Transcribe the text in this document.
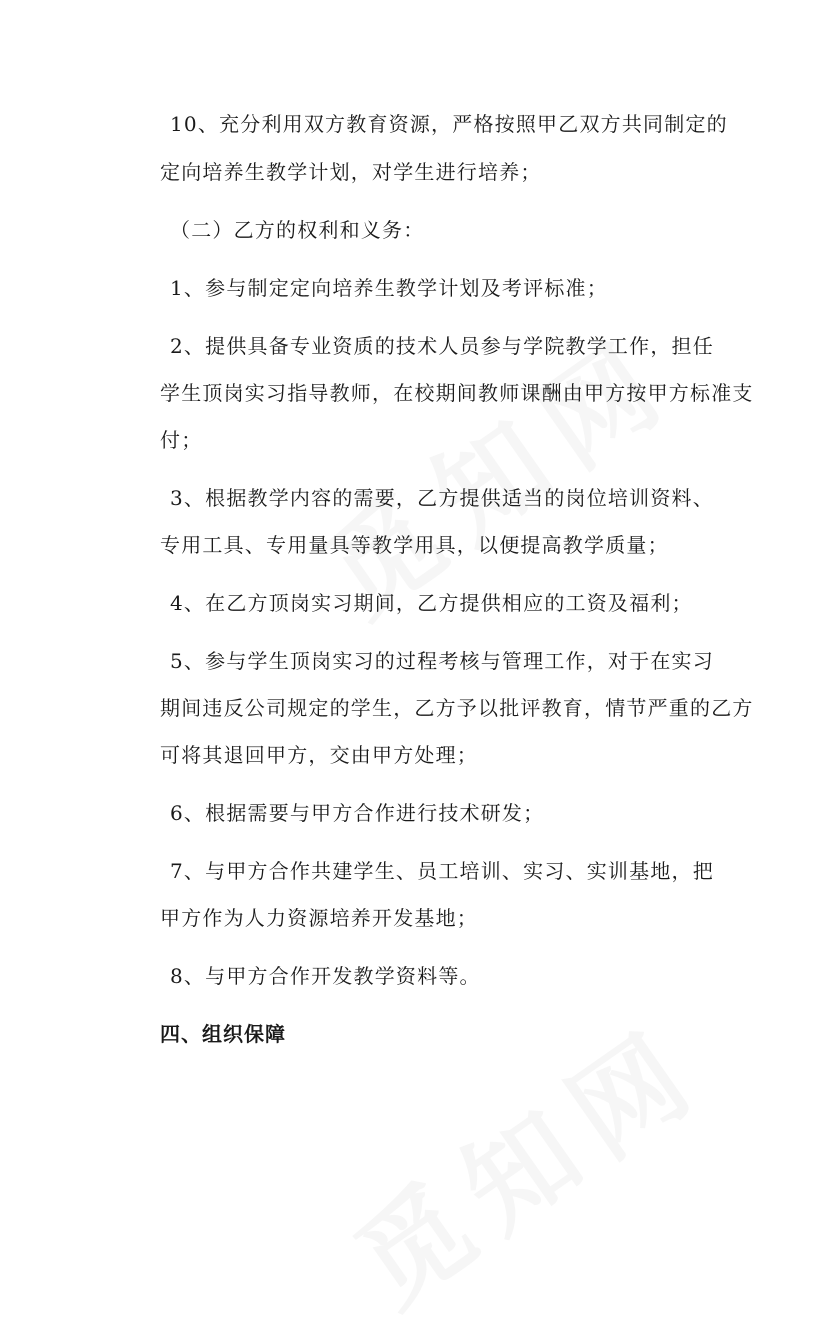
10、充分利用双方教育资源，严格按照甲乙双方共同制定的
定向培养生教学计划，对学生进行培养；
（二）乙方的权利和义务：
1、参与制定定向培养生教学计划及考评标准；
2、提供具备专业资质的技术人员参与学院教学工作，担任
学生顶岗实习指导教师，在校期间教师课酬由甲方按甲方标准支
付；
3、根据教学内容的需要，乙方提供适当的岗位培训资料、
专用工具、专用量具等教学用具，以便提高教学质量；
4、在乙方顶岗实习期间，乙方提供相应的工资及福利；
5、参与学生顶岗实习的过程考核与管理工作，对于在实习
期间违反公司规定的学生，乙方予以批评教育，情节严重的乙方
可将其退回甲方，交由甲方处理；
6、根据需要与甲方合作进行技术研发；
7、与甲方合作共建学生、员工培训、实习、实训基地，把
甲方作为人力资源培养开发基地；
8、与甲方合作开发教学资料等。
四、组织保障
